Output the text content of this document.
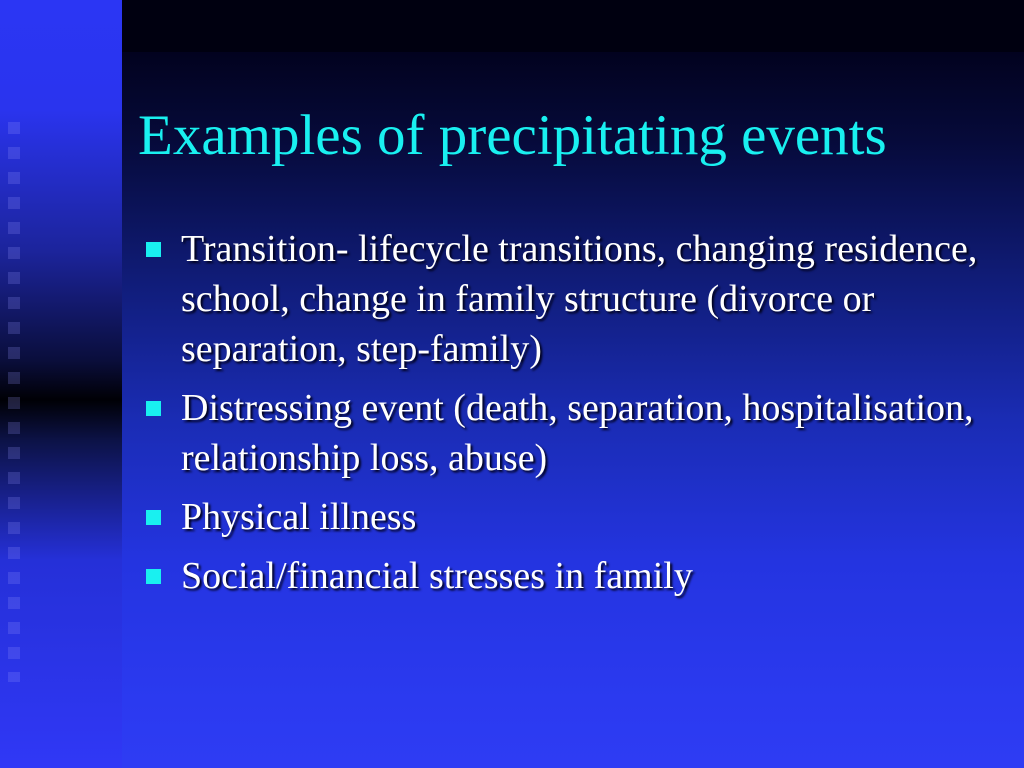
Examples of precipitating events
Transition- lifecycle transitions, changing residence, school, change in family structure (divorce or separation, step-family)
Distressing event (death, separation, hospitalisation, relationship loss, abuse)
Physical illness
Social/financial stresses in family
